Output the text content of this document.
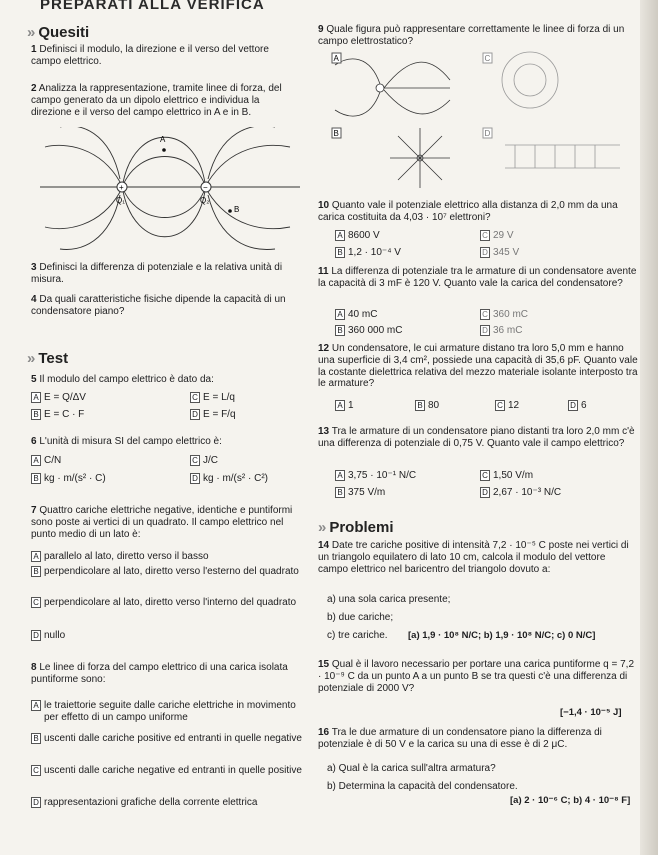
PREPARATI ALLA VERIFICA
» Quesiti
1 Definisci il modulo, la direzione e il verso del vettore campo elettrico.
2 Analizza la rappresentazione, tramite linee di forza, del campo generato da un dipolo elettrico e individua la direzione e il verso del campo elettrico in A e in B.
+	−
Q₁	Q₂
A
B
3 Definisci la differenza di potenziale e la relativa unità di misura.
4 Da quali caratteristiche fisiche dipende la capacità di un condensatore piano?
» Test
5 Il modulo del campo elettrico è dato da:
A E = Q/ΔV
B E = C · F
C E = L/q
D E = F/q
6 L'unità di misura SI del campo elettrico è:
A C/N
B kg · m/(s² · C)
C J/C
D kg · m/(s² · C²)
7 Quattro cariche elettriche negative, identiche e puntiformi sono poste ai vertici di un quadrato. Il campo elettrico nel punto medio di un lato è:
A parallelo al lato, diretto verso il basso
B perpendicolare al lato, diretto verso l'esterno del quadrato
C perpendicolare al lato, diretto verso l'interno del quadrato
D nullo
8 Le linee di forza del campo elettrico di una carica isolata puntiforme sono:
A le traiettorie seguite dalle cariche elettriche in movimento per effetto di un campo uniforme
B uscenti dalle cariche positive ed entranti in quelle negative
C uscenti dalle cariche negative ed entranti in quelle positive
D rappresentazioni grafiche della corrente elettrica
9 Quale figura può rappresentare correttamente le linee di forza di un campo elettrostatico?
A	C
B	D
10 Quanto vale il potenziale elettrico alla distanza di 2,0 mm da una carica costituita da 4,03 · 10⁷ elettroni?
A 8600 V
B 1,2 · 10⁻⁴ V
C 29 V
D 345 V
11 La differenza di potenziale tra le armature di un condensatore avente la capacità di 3 mF è 120 V. Quanto vale la carica del condensatore?
A 40 mC
B 360 000 mC
C 360 mC
D 36 mC
12 Un condensatore, le cui armature distano tra loro 5,0 mm e hanno una superficie di 3,4 cm², possiede una capacità di 35,6 pF. Quanto vale la costante dielettrica relativa del mezzo materiale isolante interposto tra le armature?
A 1	B 80	C 12	D 6
13 Tra le armature di un condensatore piano distanti tra loro 2,0 mm c'è una differenza di potenziale di 0,75 V. Quanto vale il campo elettrico?
A 3,75 · 10⁻¹ N/C
B 375 V/m
C 1,50 V/m
D 2,67 · 10⁻³ N/C
» Problemi
14 Date tre cariche positive di intensità 7,2 · 10⁻⁵ C poste nei vertici di un triangolo equilatero di lato 10 cm, calcola il modulo del vettore campo elettrico nel baricentro del triangolo dovuto a:
a) una sola carica presente;
b) due cariche;
c) tre cariche. [a) 1,9 · 10⁸ N/C; b) 1,9 · 10⁸ N/C; c) 0 N/C]
15 Qual è il lavoro necessario per portare una carica puntiforme q = 7,2 · 10⁻⁹ C da un punto A a un punto B se tra questi c'è una differenza di potenziale di 2000 V?
[−1,4 · 10⁻⁵ J]
16 Tra le due armature di un condensatore piano la differenza di potenziale è di 50 V e la carica su una di esse è di 2 μC.
a) Qual è la carica sull'altra armatura?
b) Determina la capacità del condensatore.
[a) 2 · 10⁻⁶ C; b) 4 · 10⁻⁸ F]
